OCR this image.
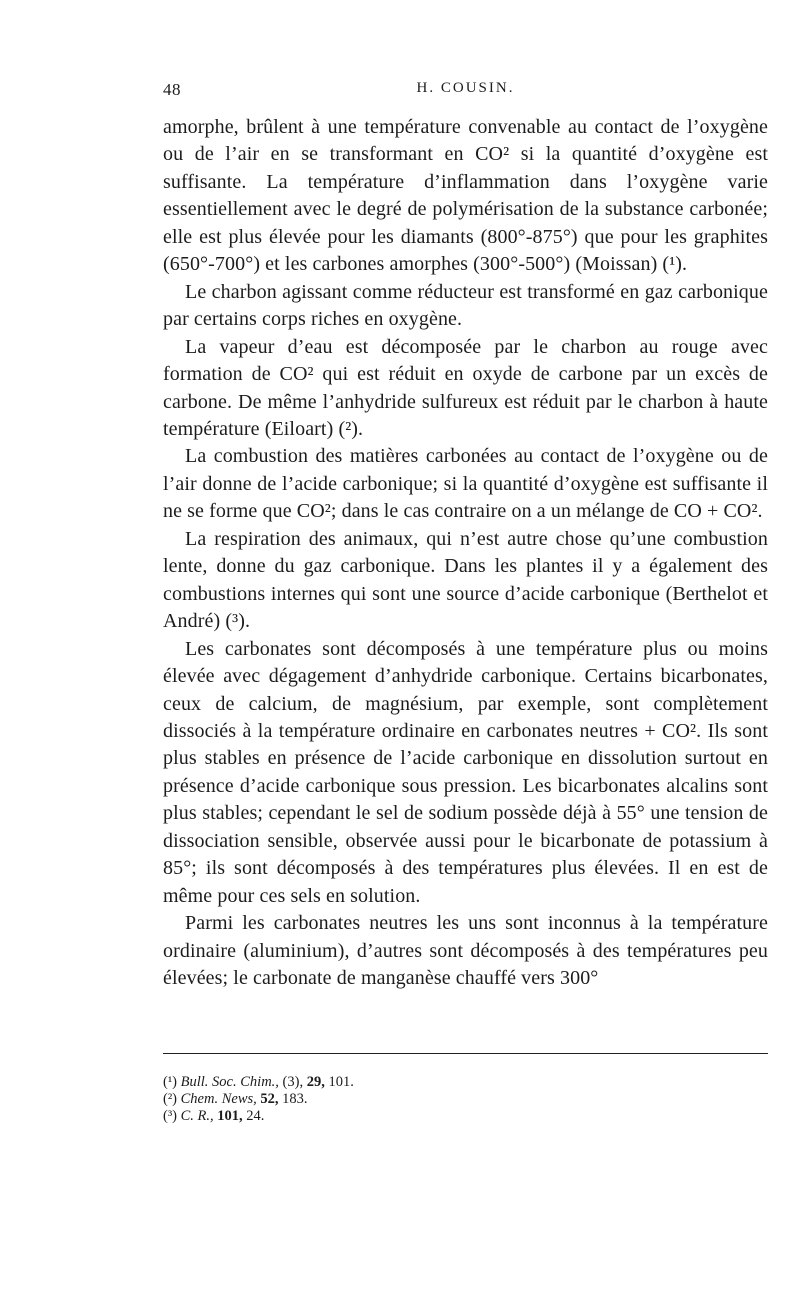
48	H. COUSIN.

amorphe, brûlent à une température convenable au contact de l’oxygène ou de l’air en se transformant en CO² si la quantité d’oxygène est suffisante. La température d’inflammation dans l’oxygène varie essentiellement avec le degré de polymérisation de la substance carbonée; elle est plus élevée pour les diamants (800°-875°) que pour les graphites (650°-700°) et les carbones amorphes (300°-500°) (Moissan) (¹).

Le charbon agissant comme réducteur est transformé en gaz carbonique par certains corps riches en oxygène.

La vapeur d’eau est décomposée par le charbon au rouge avec formation de CO² qui est réduit en oxyde de carbone par un excès de carbone. De même l’anhydride sulfureux est réduit par le charbon à haute température (Eiloart) (²).

La combustion des matières carbonées au contact de l’oxygène ou de l’air donne de l’acide carbonique; si la quantité d’oxygène est suffisante il ne se forme que CO²; dans le cas contraire on a un mélange de CO + CO².

La respiration des animaux, qui n’est autre chose qu’une combustion lente, donne du gaz carbonique. Dans les plantes il y a également des combustions internes qui sont une source d’acide carbonique (Berthelot et André) (³).

Les carbonates sont décomposés à une température plus ou moins élevée avec dégagement d’anhydride carbonique. Certains bicarbonates, ceux de calcium, de magnésium, par exemple, sont complètement dissociés à la température ordinaire en carbonates neutres + CO². Ils sont plus stables en présence de l’acide carbonique en dissolution surtout en présence d’acide carbonique sous pression. Les bicarbonates alcalins sont plus stables; cependant le sel de sodium possède déjà à 55° une tension de dissociation sensible, observée aussi pour le bicarbonate de potassium à 85°; ils sont décomposés à des températures plus élevées. Il en est de même pour ces sels en solution.

Parmi les carbonates neutres les uns sont inconnus à la température ordinaire (aluminium), d’autres sont décomposés à des températures peu élevées; le carbonate de manganèse chauffé vers 300°

(¹) Bull. Soc. Chim., (3), 29, 101.
(²) Chem. News, 52, 183.
(³) C. R., 101, 24.
